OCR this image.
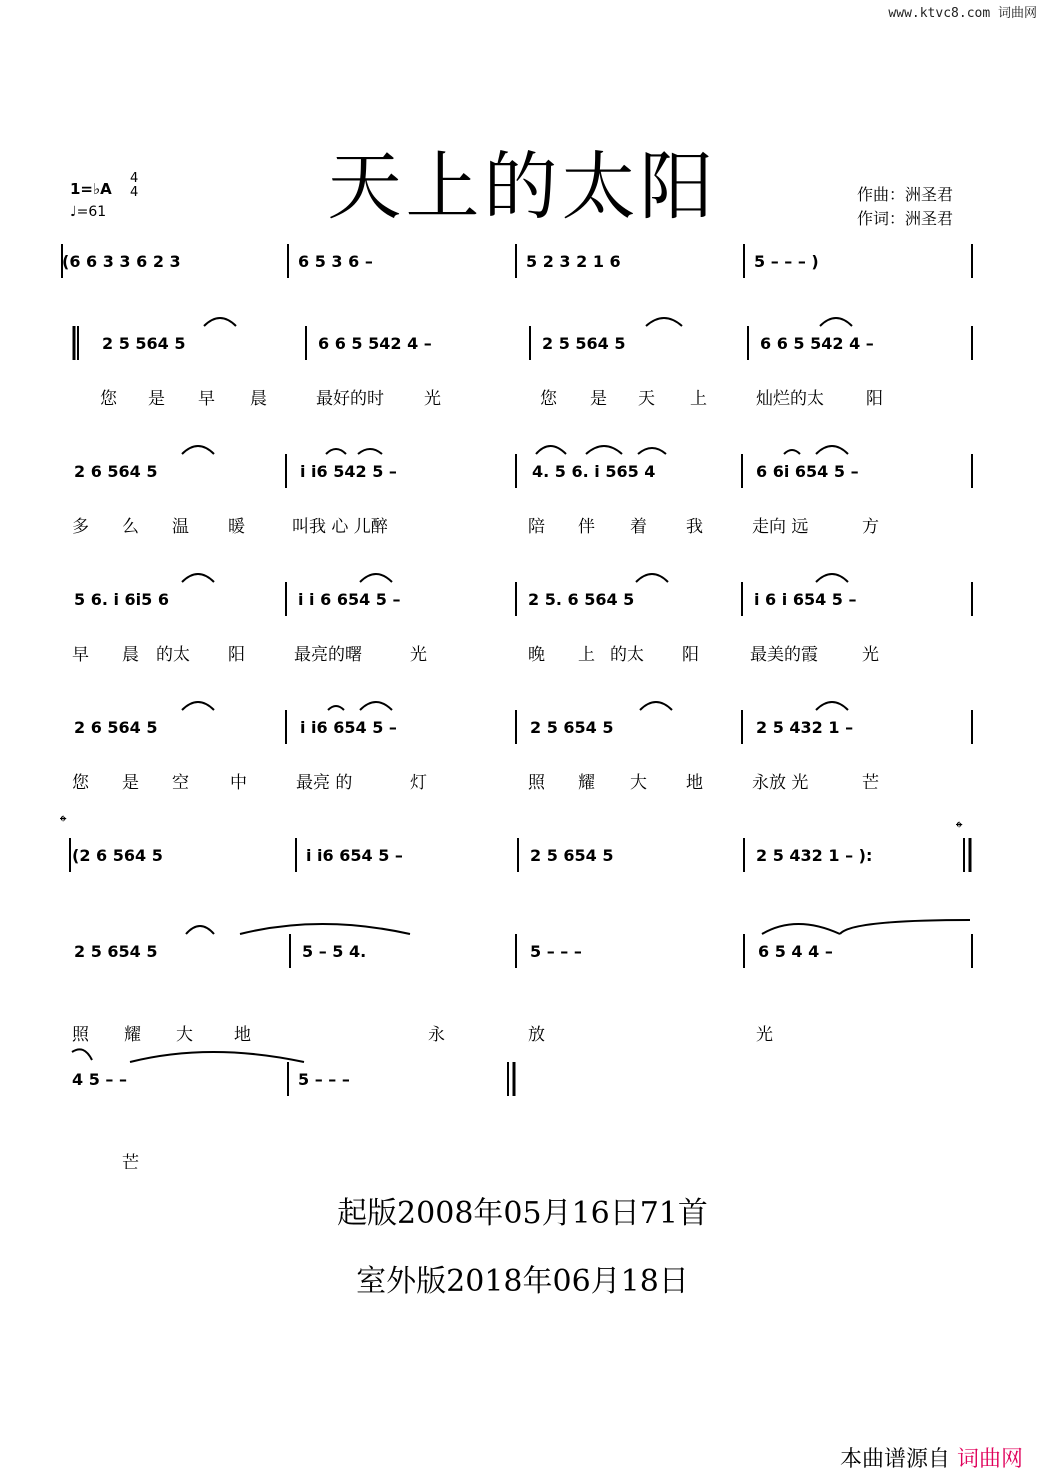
www.ktvc8.com 词曲网
天上的太阳
1=♭A
4
4
♩=61
作曲：洲圣君
作词：洲圣君
(6 6 3 3 6 2 3	6 5 3 6 –	5 2 3 2 1 6	5 – – – )
2 5 564 5	6 6 5 542 4 –	2 5 564 5	6 6 5 542 4 –
您 是 早 晨	最好的时 光	您 是 天 上	灿烂的太 阳
2 6 564 5	i i6 542 5 –	4. 5 6. i 565 4	6 6i 654 5 –
多 么 温 暖	叫我 心 儿醉	陪 伴 着 我	走向 远	方
5 6. i 6i5 6	i i 6 654 5 –	2 5. 6 564 5	i 6 i 654 5 –
早 晨 的太 阳	最亮的曙	光	晚 上 的太 阳	最美的霞	光
2 6 564 5	i i6 654 5 –	2 5 654 5	2 5 432 1 –
您 是 空 中	最亮 的	灯	照 耀 大 地	永放 光	芒
𝄌	𝄌
(2 6 564 5	i i6 654 5 –	2 5 654 5	2 5 432 1 – ):
2 5 654 5	5 – 5 4.	5 – – –	6 5 4 4 –
照 耀 大 地	永	放	光
4 5 – –	5 – – –
芒
起版2008年05月16日71首
室外版2018年06月18日
本曲谱源自 词曲网
